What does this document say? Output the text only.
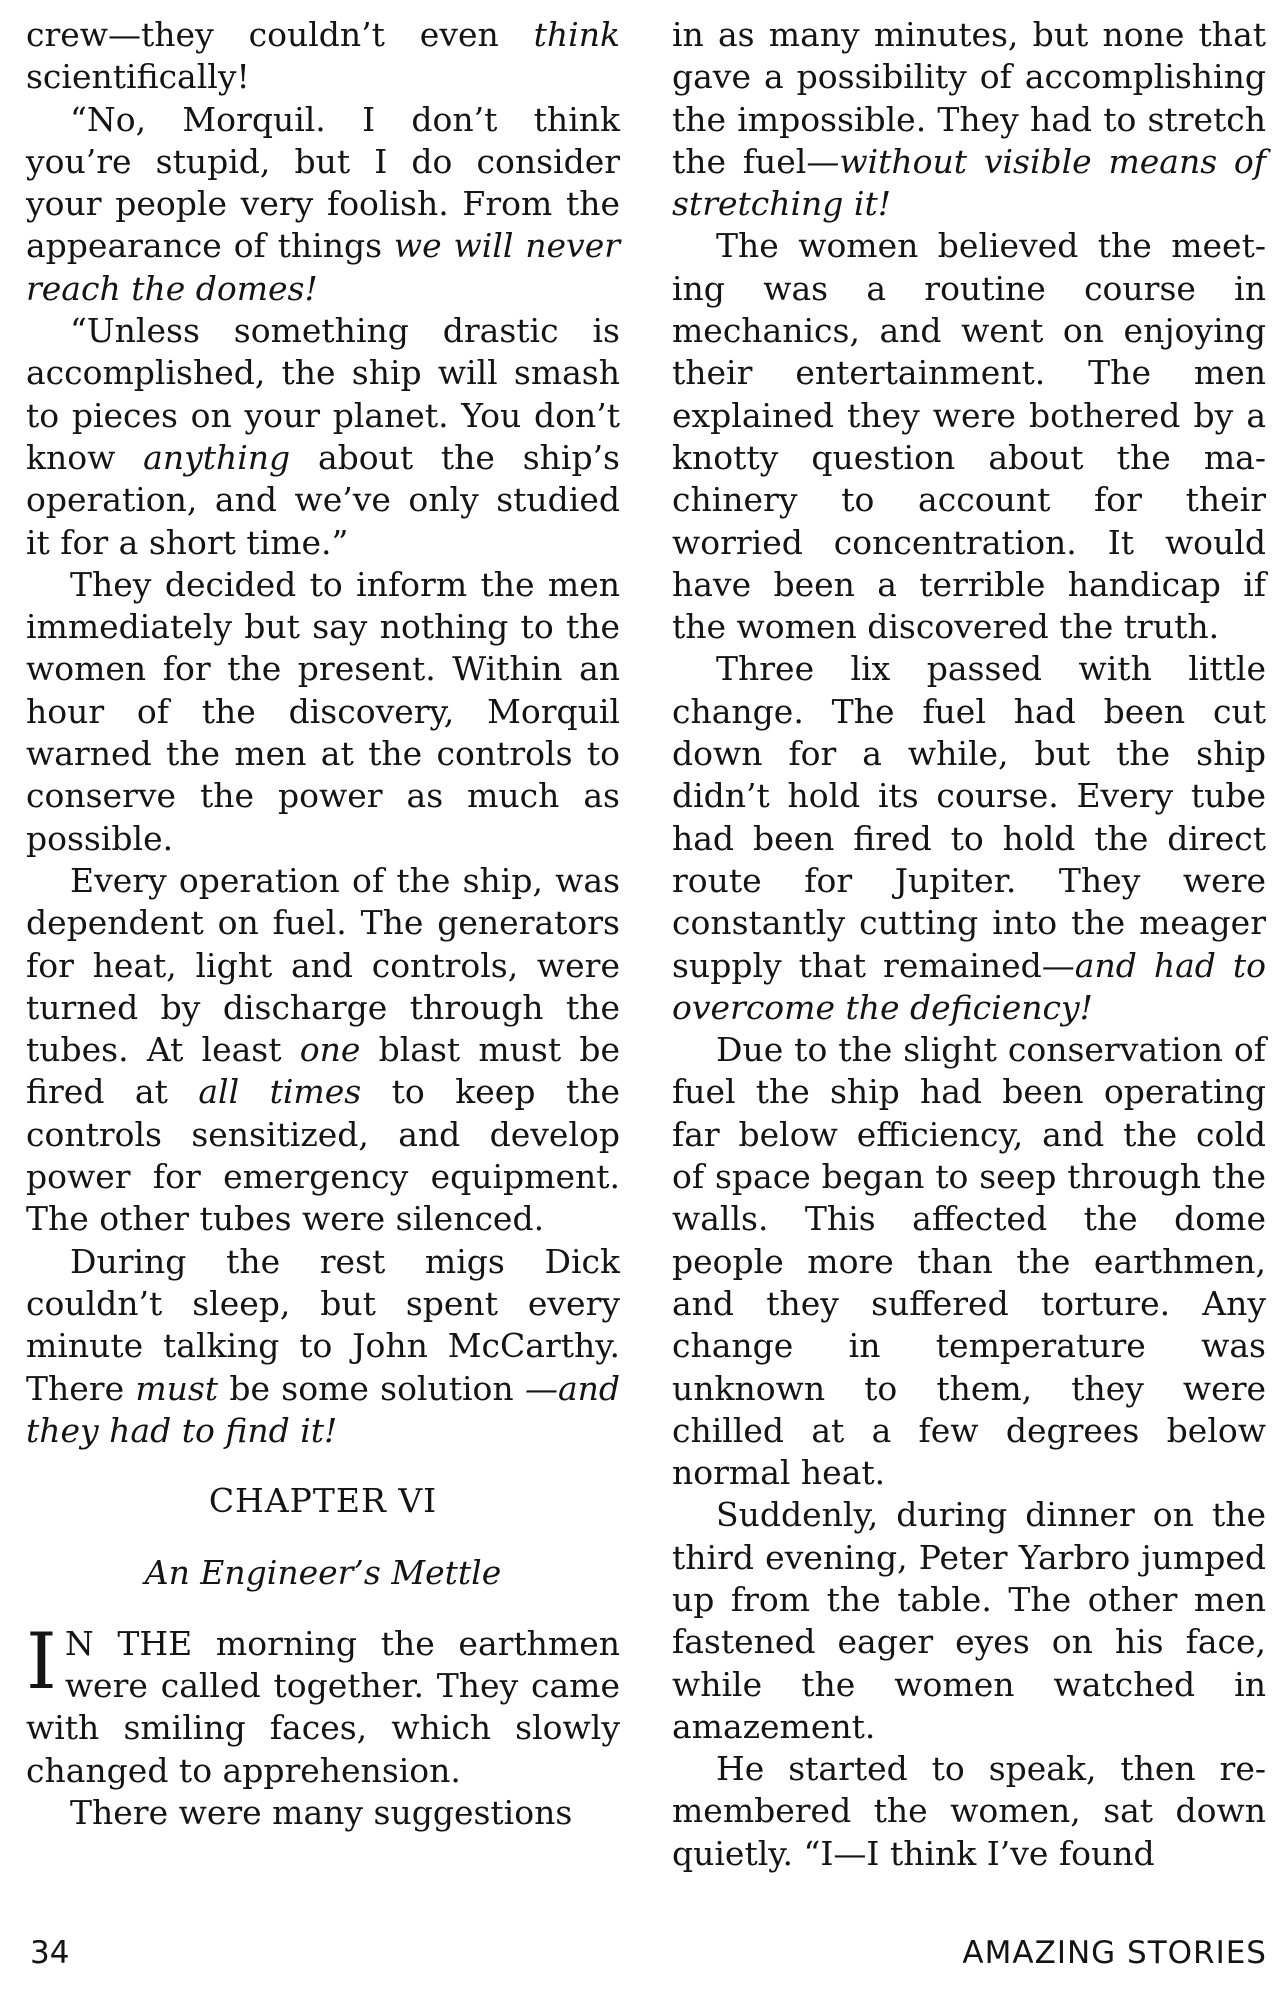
crew—they couldn’t even think scientifically!

“No, Morquil. I don’t think you’re stupid, but I do consider your people very foolish. From the appearance of things we will never reach the domes!

“Unless something drastic is accomplished, the ship will smash to pieces on your planet. You don’t know anything about the ship’s operation, and we’ve only studied it for a short time.”

They decided to inform the men immediately but say nothing to the women for the present. Within an hour of the discovery, Morquil warned the men at the controls to conserve the power as much as possible.

Every operation of the ship, was dependent on fuel. The generators for heat, light and controls, were turned by discharge through the tubes. At least one blast must be fired at all times to keep the controls sensitized, and develop power for emergency equipment. The other tubes were silenced.

During the rest migs Dick couldn’t sleep, but spent every minute talking to John McCarthy. There must be some solution —and they had to find it!

CHAPTER VI
An Engineer’s Mettle

I N THE morning the earthmen were called together. They came with smiling faces, which slowly changed to apprehension.

There were many suggestions

in as many minutes, but none that gave a possibility of accomplishing the impossible. They had to stretch the fuel—without visible means of stretching it!

The women believed the meeting was a routine course in mechanics, and went on enjoying their entertainment. The men explained they were bothered by a knotty question about the machinery to account for their worried concentration. It would have been a terrible handicap if the women discovered the truth.

Three lix passed with little change. The fuel had been cut down for a while, but the ship didn’t hold its course. Every tube had been fired to hold the direct route for Jupiter. They were constantly cutting into the meager supply that remained—and had to overcome the deficiency!

Due to the slight conservation of fuel the ship had been operating far below efficiency, and the cold of space began to seep through the walls. This affected the dome people more than the earthmen, and they suffered torture. Any change in temperature was unknown to them, they were chilled at a few degrees below normal heat.

Suddenly, during dinner on the third evening, Peter Yarbro jumped up from the table. The other men fastened eager eyes on his face, while the women watched in amazement.

He started to speak, then remembered the women, sat down quietly. “I—I think I’ve found

34	AMAZING STORIES
